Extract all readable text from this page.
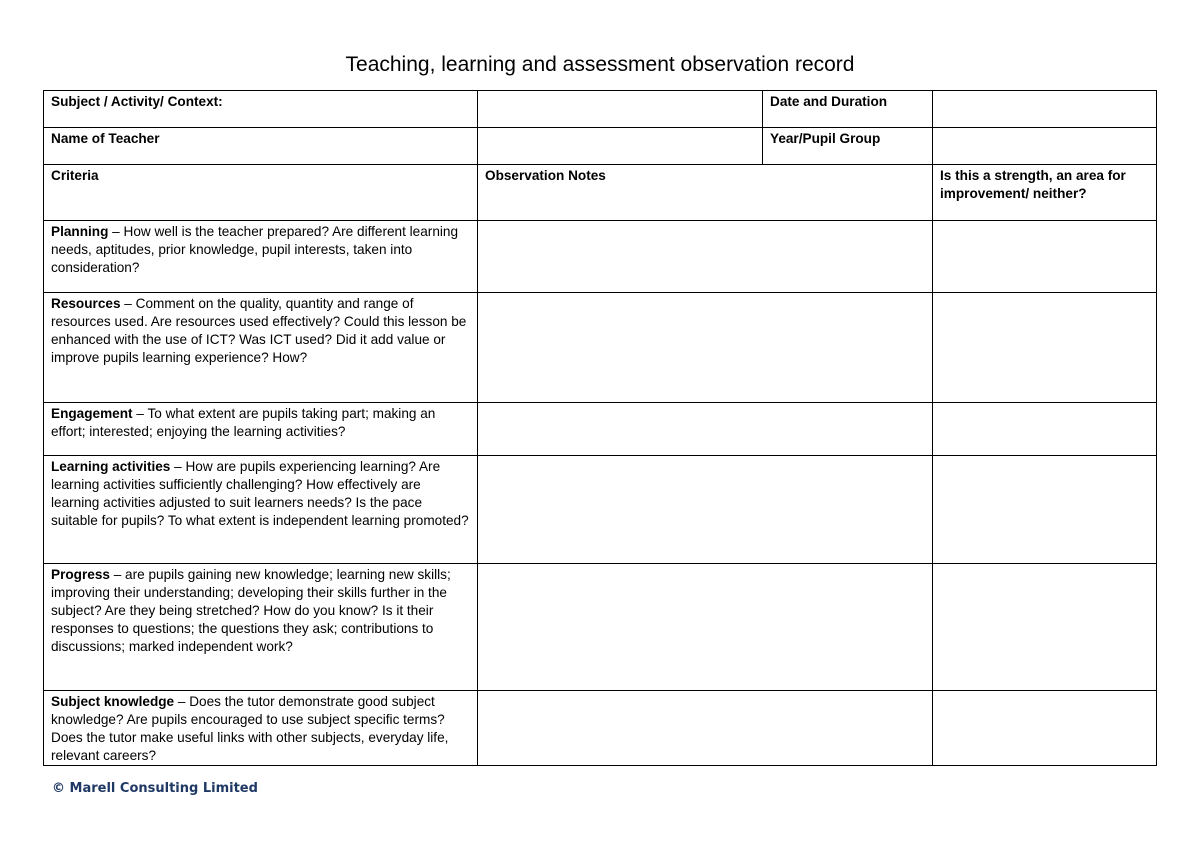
Teaching, learning and assessment observation record
Subject / Activity/ Context:		Date and Duration	
Name of Teacher		Year/Pupil Group	
Criteria	Observation Notes		Is this a strength, an area for improvement/ neither?
Planning – How well is the teacher prepared? Are different learning needs, aptitudes, prior knowledge, pupil interests, taken into consideration?			
Resources – Comment on the quality, quantity and range of resources used. Are resources used effectively? Could this lesson be enhanced with the use of ICT? Was ICT used? Did it add value or improve pupils learning experience? How?			
Engagement – To what extent are pupils taking part; making an effort; interested; enjoying the learning activities?			
Learning activities – How are pupils experiencing learning? Are learning activities sufficiently challenging? How effectively are learning activities adjusted to suit learners needs? Is the pace suitable for pupils? To what extent is independent learning promoted?			
Progress – are pupils gaining new knowledge; learning new skills; improving their understanding; developing their skills further in the subject? Are they being stretched? How do you know? Is it their responses to questions; the questions they ask; contributions to discussions; marked independent work?			
Subject knowledge – Does the tutor demonstrate good subject knowledge? Are pupils encouraged to use subject specific terms? Does the tutor make useful links with other subjects, everyday life, relevant careers?			
© Marell Consulting Limited
